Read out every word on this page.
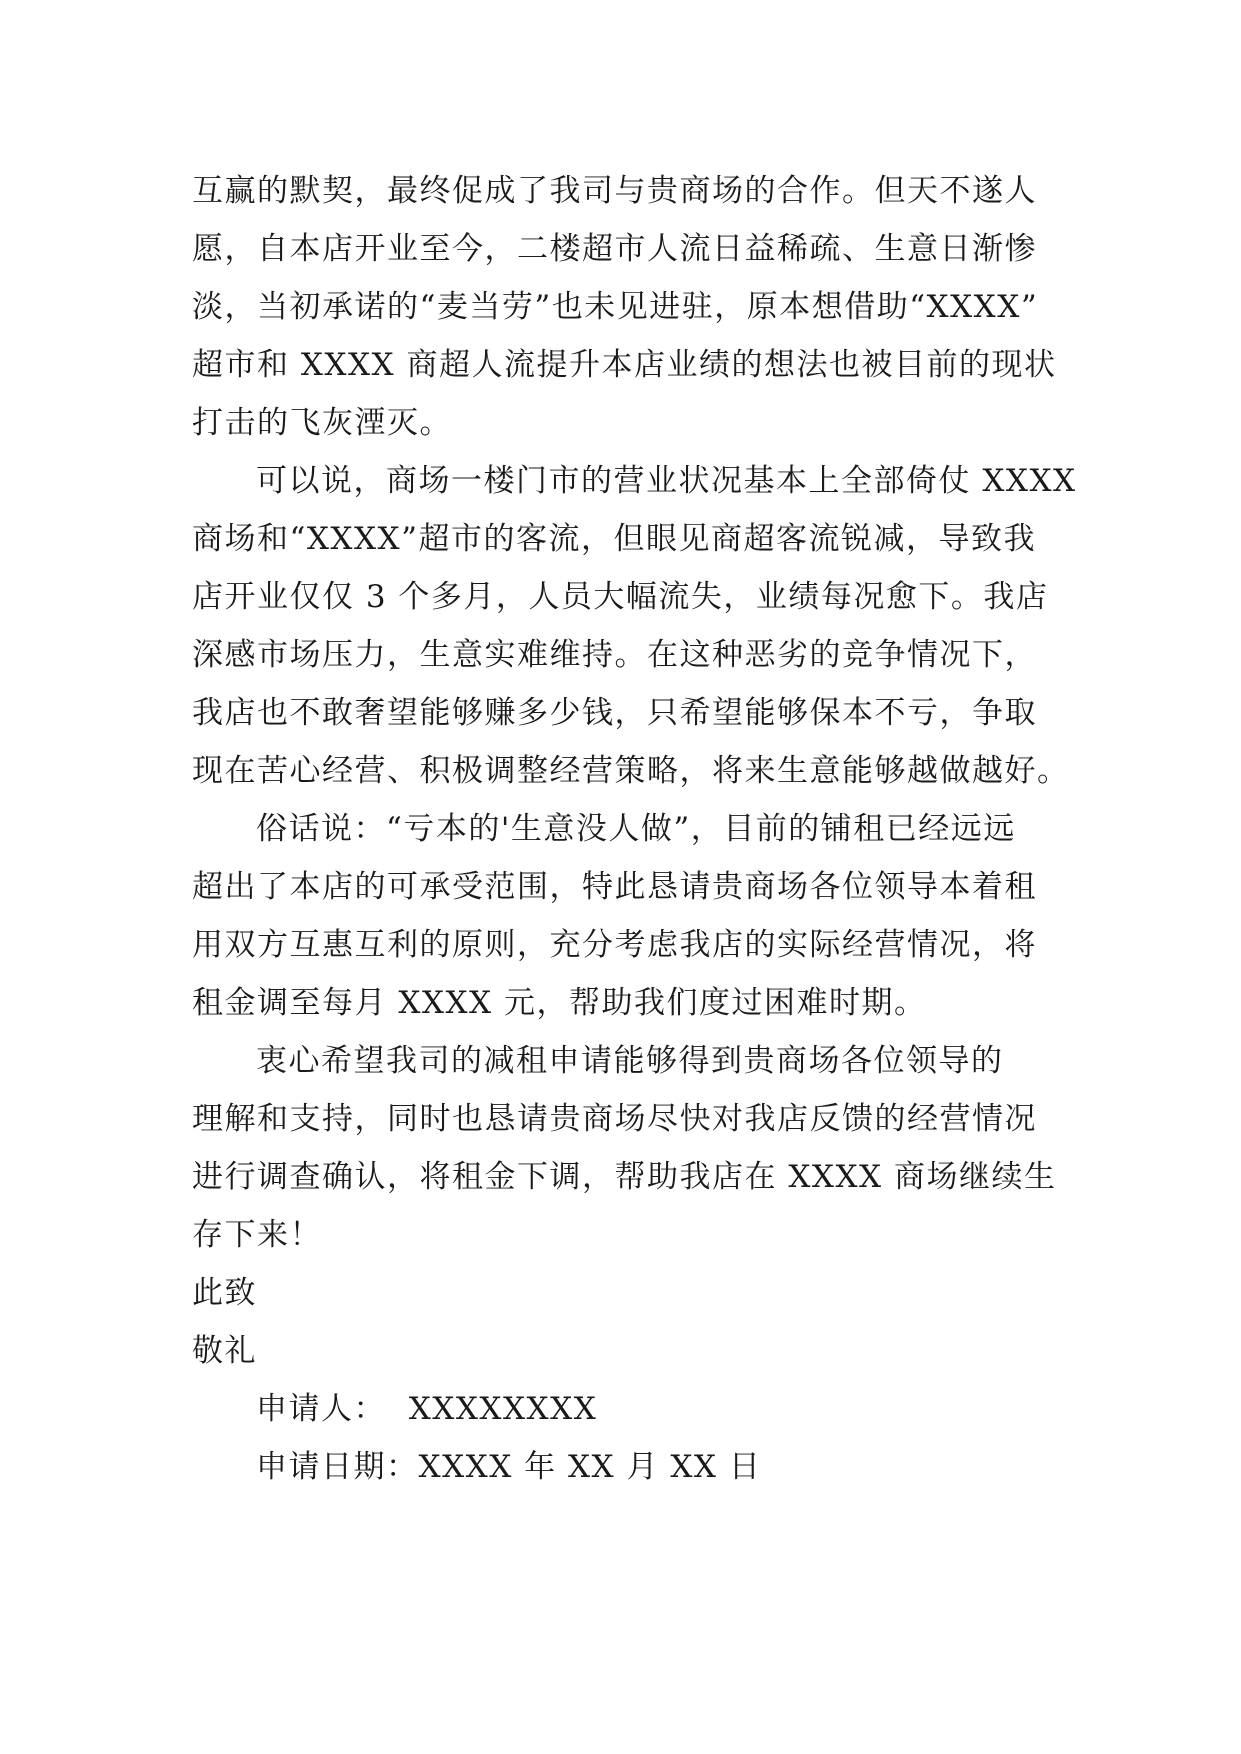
互赢的默契，最终促成了我司与贵商场的合作。但天不遂人
愿，自本店开业至今，二楼超市人流日益稀疏、生意日渐惨
淡，当初承诺的“麦当劳”也未见进驻，原本想借助“XXXX”
超市和 XXXX 商超人流提升本店业绩的想法也被目前的现状
打击的飞灰湮灭。
可以说，商场一楼门市的营业状况基本上全部倚仗 XXXX
商场和“XXXX”超市的客流，但眼见商超客流锐减，导致我
店开业仅仅 3 个多月，人员大幅流失，业绩每况愈下。我店
深感市场压力，生意实难维持。在这种恶劣的竞争情况下，
我店也不敢奢望能够赚多少钱，只希望能够保本不亏，争取
现在苦心经营、积极调整经营策略，将来生意能够越做越好。
俗话说：“亏本的'生意没人做”，目前的铺租已经远远
超出了本店的可承受范围，特此恳请贵商场各位领导本着租
用双方互惠互利的原则，充分考虑我店的实际经营情况，将
租金调至每月 XXXX 元，帮助我们度过困难时期。
衷心希望我司的减租申请能够得到贵商场各位领导的
理解和支持，同时也恳请贵商场尽快对我店反馈的经营情况
进行调查确认，将租金下调，帮助我店在 XXXX 商场继续生
存下来！
此致
敬礼
申请人：  XXXXXXXX
申请日期：XXXX 年 XX 月 XX 日
